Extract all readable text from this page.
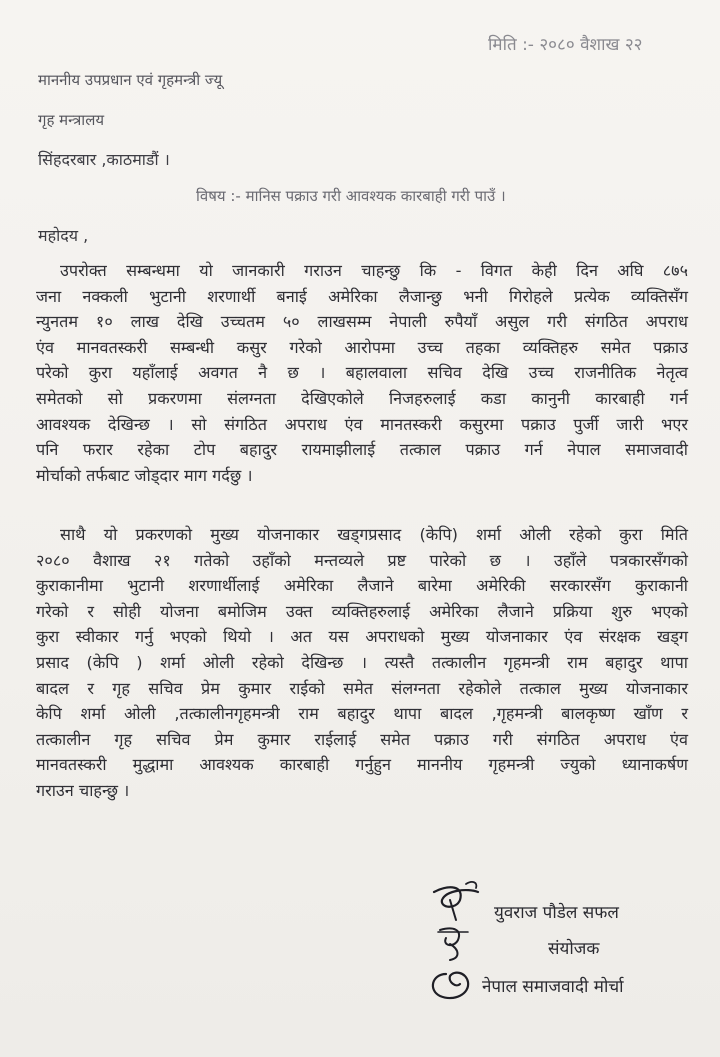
मिति :- २०८० वैशाख २२
माननीय उपप्रधान एवं गृहमन्त्री ज्यू
गृह मन्त्रालय
सिंहदरबार ,काठमाडौं ।
विषय :- मानिस पक्राउ गरी आवश्यक कारबाही गरी पाउँ ।
महोदय ,
उपरोक्त सम्बन्धमा यो जानकारी गराउन चाहन्छु कि - विगत केही दिन अघि ८७५
जना नक्कली भुटानी शरणार्थी बनाई अमेरिका लैजान्छु भनी गिरोहले प्रत्येक व्यक्तिसँग
न्युनतम १० लाख देखि उच्चतम ५० लाखसम्म नेपाली रुपैयाँ असुल गरी संगठित अपराध
एंव मानवतस्करी सम्बन्धी कसुर गरेको आरोपमा उच्च तहका व्यक्तिहरु समेत पक्राउ
परेको कुरा यहाँलाई अवगत नै छ । बहालवाला सचिव देखि उच्च राजनीतिक नेतृत्व
समेतको सो प्रकरणमा संलग्नता देखिएकोले निजहरुलाई कडा कानुनी कारबाही गर्न
आवश्यक देखिन्छ । सो संगठित अपराध एंव मानतस्करी कसुरमा पक्राउ पुर्जी जारी भएर
पनि फरार रहेका टोप बहादुर रायमाझीलाई तत्काल पक्राउ गर्न नेपाल समाजवादी
मोर्चाको तर्फबाट जोड्दार माग गर्दछु ।
साथै यो प्रकरणको मुख्य योजनाकार खड्गप्रसाद (केपि) शर्मा ओली रहेको कुरा मिति
२०८० वैशाख २१ गतेको उहाँको मन्तव्यले प्रष्ट पारेको छ । उहाँले पत्रकारसँगको
कुराकानीमा भुटानी शरणार्थीलाई अमेरिका लैजाने बारेमा अमेरिकी सरकारसँग कुराकानी
गरेको र सोही योजना बमोजिम उक्त व्यक्तिहरुलाई अमेरिका लैजाने प्रक्रिया शुरु भएको
कुरा स्वीकार गर्नु भएको थियो । अत यस अपराधको मुख्य योजनाकार एंव संरक्षक खड्ग
प्रसाद (केपि ) शर्मा ओली रहेको देखिन्छ । त्यस्तै तत्कालीन गृहमन्त्री राम बहादुर थापा
बादल र गृह सचिव प्रेम कुमार राईको समेत संलग्नता रहेकोले तत्काल मुख्य योजनाकार
केपि शर्मा ओली ,तत्कालीनगृहमन्त्री राम बहादुर थापा बादल ,गृहमन्त्री बालकृष्ण खाँण र
तत्कालीन गृह सचिव प्रेम कुमार राईलाई समेत पक्राउ गरी संगठित अपराध एंव
मानवतस्करी मुद्धामा आवश्यक कारबाही गर्नुहुन माननीय गृहमन्त्री ज्युको ध्यानाकर्षण
गराउन चाहन्छु ।
युवराज पौडेल सफल
संयोजक
नेपाल समाजवादी मोर्चा
